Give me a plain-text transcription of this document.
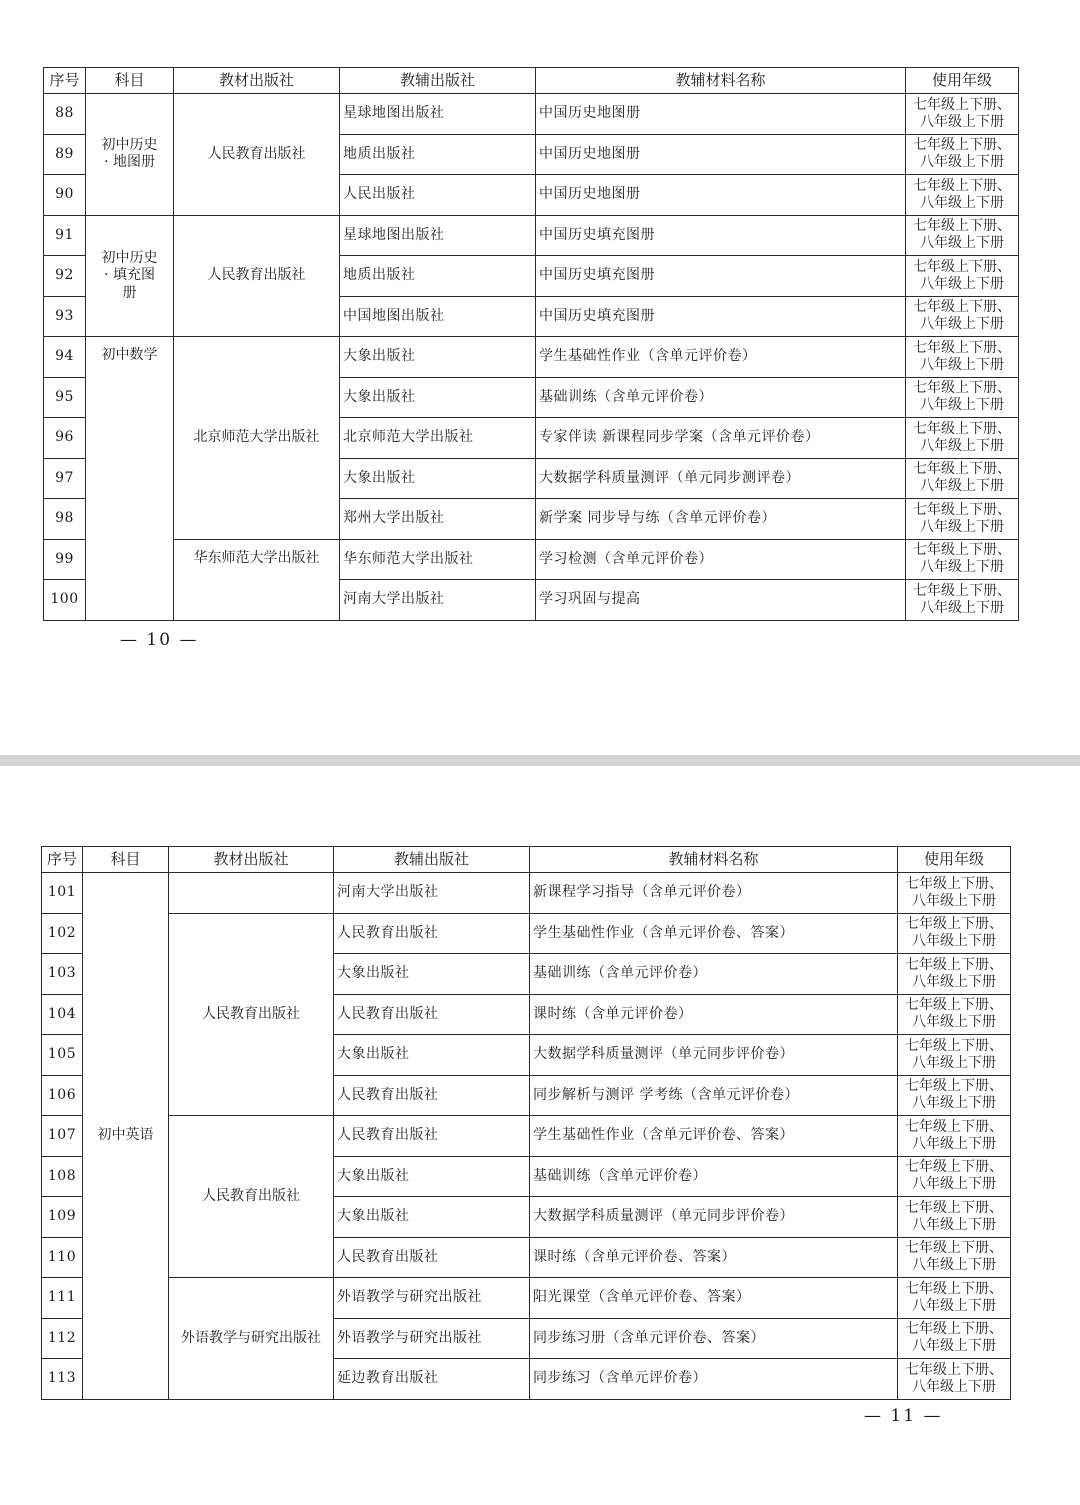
序号	科目	教材出版社	教辅出版社	教辅材料名称	使用年级
88	初中历史 · 地图册	人民教育出版社	星球地图出版社	中国历史地图册	七年级上下册、
八年级上下册

89			地质出版社	中国历史地图册	七年级上下册、
八年级上下册

90			人民出版社	中国历史地图册	七年级上下册、
八年级上下册

91	初中历史 · 填充图册	人民教育出版社	星球地图出版社	中国历史填充图册	七年级上下册、
八年级上下册

92			地质出版社	中国历史填充图册	七年级上下册、
八年级上下册

93			中国地图出版社	中国历史填充图册	七年级上下册、
八年级上下册

94	初中数学	北京师范大学出版社	大象出版社	学生基础性作业（含单元评价卷）	七年级上下册、
八年级上下册

95			大象出版社	基础训练（含单元评价卷）	七年级上下册、
八年级上下册

96			北京师范大学出版社	专家伴读 新课程同步学案（含单元评价卷）	七年级上下册、
八年级上下册

97			大象出版社	大数据学科质量测评（单元同步测评卷）	七年级上下册、
八年级上下册

98			郑州大学出版社	新学案 同步导与练（含单元评价卷）	七年级上下册、
八年级上下册

99		华东师范大学出版社	华东师范大学出版社	学习检测（含单元评价卷）	七年级上下册、
八年级上下册

100			河南大学出版社	学习巩固与提高	七年级上下册、
八年级上下册
— 10 —
序号	科目	教材出版社	教辅出版社	教辅材料名称	使用年级
101	初中英语		河南大学出版社	新课程学习指导（含单元评价卷）	七年级上下册、
八年级上下册

102		人民教育出版社	人民教育出版社	学生基础性作业（含单元评价卷、答案）	七年级上下册、
八年级上下册

103			大象出版社	基础训练（含单元评价卷）	七年级上下册、
八年级上下册

104			人民教育出版社	课时练（含单元评价卷）	七年级上下册、
八年级上下册

105			大象出版社	大数据学科质量测评（单元同步评价卷）	七年级上下册、
八年级上下册

106			人民教育出版社	同步解析与测评 学考练（含单元评价卷）	七年级上下册、
八年级上下册

107		人民教育出版社	人民教育出版社	学生基础性作业（含单元评价卷、答案）	七年级上下册、
八年级上下册

108			大象出版社	基础训练（含单元评价卷）	七年级上下册、
八年级上下册

109			大象出版社	大数据学科质量测评（单元同步评价卷）	七年级上下册、
八年级上下册

110			人民教育出版社	课时练（含单元评价卷、答案）	七年级上下册、
八年级上下册

111		外语教学与研究出版社	外语教学与研究出版社	阳光课堂（含单元评价卷、答案）	七年级上下册、
八年级上下册

112			外语教学与研究出版社	同步练习册（含单元评价卷、答案）	七年级上下册、
八年级上下册

113			延边教育出版社	同步练习（含单元评价卷）	七年级上下册、
八年级上下册
— 11 —
